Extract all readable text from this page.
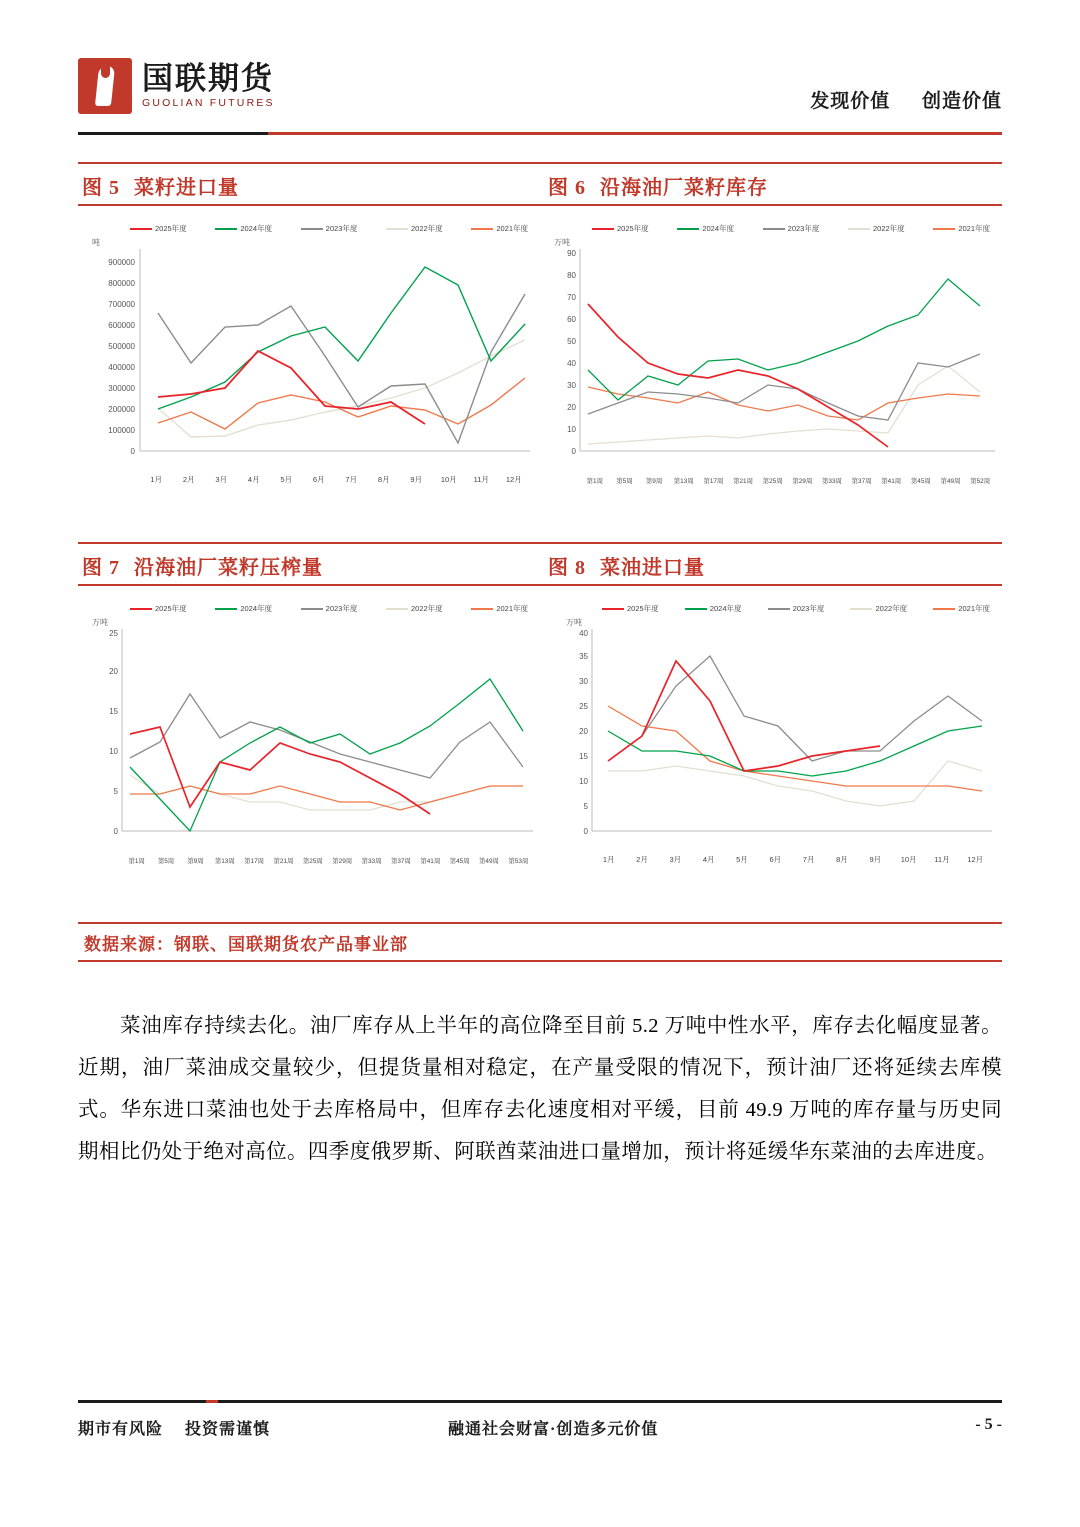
国联期货
GUOLIAN FUTURES	发现价值 创造价值
图 5 菜籽进口量	图 6 沿海油厂菜籽库存
2025年度	2024年度	2023年度	2022年度	2021年度
吨
0
100000
200000
300000
400000
500000
600000
700000
800000
900000
1月	2月	3月	4月	5月	6月	7月	8月	9月	10月	11月	12月
2025年度	2024年度	2023年度	2022年度	2021年度
万吨
0
10
20
30
40
50
60
70
80
90
第1周	第5周	第9周	第13周	第17周	第21周	第25周	第29周	第33周	第37周	第41周	第45周	第49周	第52周
图 7 沿海油厂菜籽压榨量	图 8 菜油进口量
2025年度	2024年度	2023年度	2022年度	2021年度
万吨
0
5
10
15
20
25
第1周	第5周	第9周	第13周	第17周	第21周	第25周	第29周	第33周	第37周	第41周	第45周	第49周	第53周
2025年度	2024年度	2023年度	2022年度	2021年度
万吨
0
5
10
15
20
25
30
35
40
1月	2月	3月	4月	5月	6月	7月	8月	9月	10月	11月	12月
数据来源：钢联、国联期货农产品事业部
菜油库存持续去化。油厂库存从上半年的高位降至目前 5.2 万吨中性水平，库存去化幅度显著。近期，油厂菜油成交量较少，但提货量相对稳定，在产量受限的情况下，预计油厂还将延续去库模式。华东进口菜油也处于去库格局中，但库存去化速度相对平缓，目前 49.9 万吨的库存量与历史同期相比仍处于绝对高位。四季度俄罗斯、阿联酋菜油进口量增加，预计将延缓华东菜油的去库进度。
期市有风险 投资需谨慎	融通社会财富·创造多元价值	- 5 -
